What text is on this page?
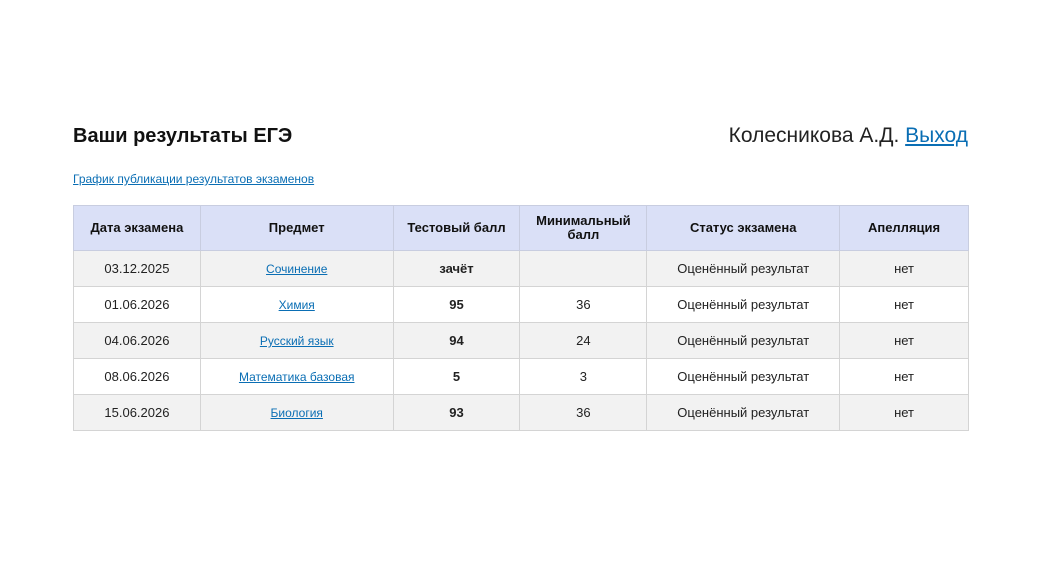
Ваши результаты ЕГЭ	Колесникова А.Д. Выход
График публикации результатов экзаменов
Дата экзамена	Предмет	Тестовый балл	Минимальный балл	Статус экзамена	Апелляция
03.12.2025	Сочинение	зачёт		Оценённый результат	нет
01.06.2026	Химия	95	36	Оценённый результат	нет
04.06.2026	Русский язык	94	24	Оценённый результат	нет
08.06.2026	Математика базовая	5	3	Оценённый результат	нет
15.06.2026	Биология	93	36	Оценённый результат	нет
